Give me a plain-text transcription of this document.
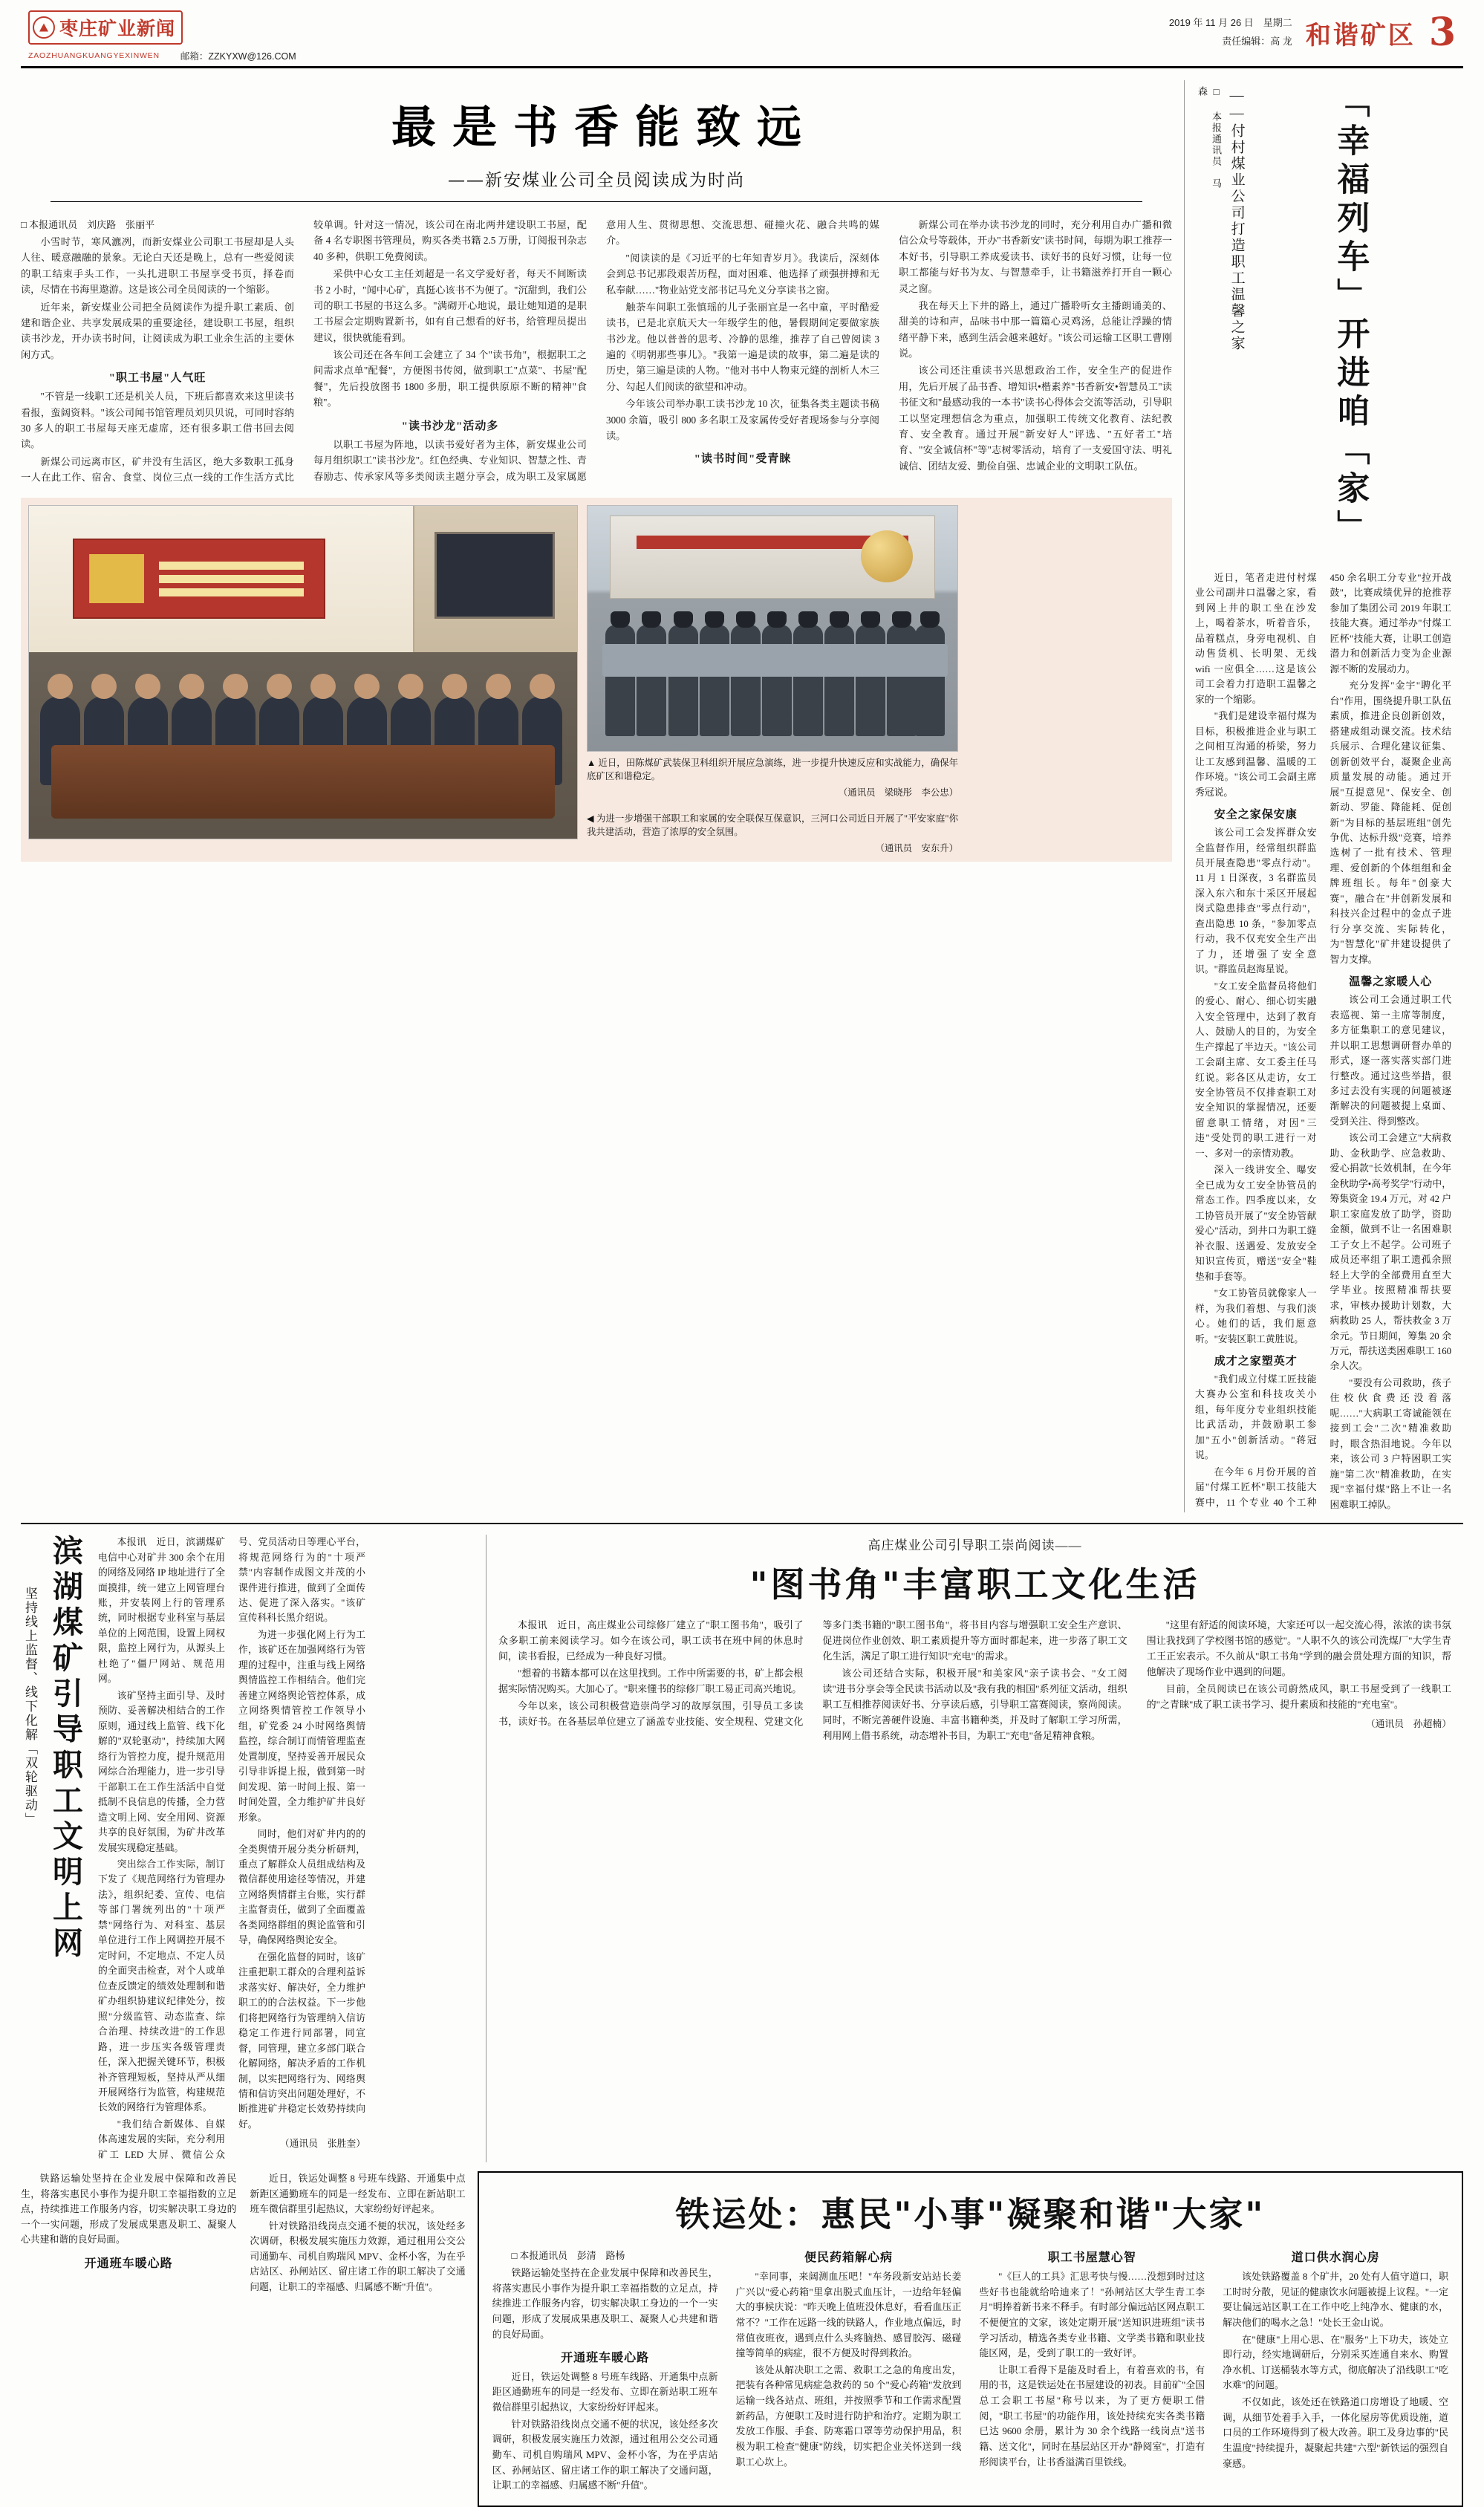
枣庄矿业新闻
ZAOZHUANGKUANGYEXINWEN 邮箱：ZZKYXW@126.COM
2019 年 11 月 26 日　星期二
责任编辑：高 龙 和谐矿区 3
最是书香能致远
——新安煤业公司全员阅读成为时尚

□ 本报通讯员　刘庆路　张丽平

小雪时节，寒风瀌冽，而新安煤业公司职工书屋却是人头人往、暖意融融的景象。无论白天还是晚上，总有一些爱阅读的职工结束手头工作，一头扎进职工书屋享受书页，择卷而读，尽情在书海里遨游。这是该公司全员阅读的一个缩影。

近年来，新安煤业公司把全员阅读作为提升职工素质、创建和谐企业、共享发展成果的重要途径，建设职工书屋，组织读书沙龙，开办读书时间，让阅读成为职工业余生活的主要休闲方式。

"职工书屋"人气旺

"不管是一线职工还是机关人员，下班后都喜欢来这里读书看报，蛮阔资料。"该公司闻书馆管理员刘贝贝说，可同时容纳 30 多人的职工书屋每天座无虚席，还有很多职工借书回去阅读。

新煤公司远离市区，矿井没有生活区，绝大多数职工孤身一人在此工作、宿舍、食堂、岗位三点一线的工作生活方式比较单调。针对这一情况，该公司在南北两井建设职工书屋，配备 4 名专职图书管理员，购买各类书籍 2.5 万册，订阅报刊杂志 40 多种，供职工免费阅读。

采供中心女工主任刘超是一名文学爱好者，每天不间断读书 2 小时，"闻中心矿，真挺心该书不为便了。"沉甜到，我们公司的职工书屋的书这么多。"满砌开心地说，最让她知道的是职工书屋会定期购置新书，如有自己想看的好书，给管理员提出建议，很快就能看到。

该公司还在各车间工会建立了 34 个"读书角"，根据职工之间需求点单"配餐"，方便图书传阅，做到职工"点菜"、书屋"配餐"，先后投放图书 1800 多册，职工提供原原不断的精神"食粮"。

"读书沙龙"活动多

以职工书屋为阵地，以读书爱好者为主体，新安煤业公司每月组织职工"读书沙龙"。红色经典、专业知识、智慧之性、青春励志、传承家风等多类阅读主题分享会，成为职工及家属愿意用人生、贯彻思想、交流思想、碰撞火花、融合共鸣的媒介。

"阅读读的是《习近平的七年知青岁月》。我读后，深刻体会到总书记那段艰苦历程，面对困难、他选择了顽强拼搏和无私奉献……"物业站党支部书记马允义分享读书之窗。

触荼车间职工张慎瑶的儿子张丽宜是一名中童，平时酷爱读书，已是北京航天大一年级学生的他，暑假期间定要做家族书沙龙。他以普普的思考、冷静的思维，推荐了自己曾阅读 3 遍的《明朝那些事儿》。"我第一遍是读的故事，第二遍是读的历史，第三遍是读的人物。"他对书中人物束元缝的剖析人木三分、勾起人们阅读的欲望和冲动。

今年该公司举办职工读书沙龙 10 次，征集各类主题读书稿 3000 余篇，吸引 800 多名职工及家属传受好者现场参与分享阅读。

"读书时间"受青睐

新煤公司在举办读书沙龙的同时，充分利用自办广播和微信公众号等载体，开办"书香新安"读书时间，每期为职工推荐一本好书，引导职工养成爱读书、读好书的良好习惯，让每一位职工都能与好书为友、与智慧牵手，让书籍滋养打开自一颗心灵之窗。

我在每天上下井的路上，通过广播聆听女主播朗诵美的、甜美的诗和声，品味书中那一篇篇心灵鸡汤，总能让浮躁的情绪平静下来，感到生活会越来越好。"该公司运输工区职工曹刚说。

该公司还注重读书兴思想政治工作，安全生产的促进作用，先后开展了品书香、增知识•楷素养"书香新安•智慧员工"读书征文和"最感动我的一本书"读书心得体会交流等活动，引导职工以坚定理想信念为重点，加强职工传统文化教育、法纪教育、安全教育。通过开展"新安好人"评选、"五好者工"培育、"安全诚信杯"等"志树零活动，培育了一支爱国守法、明礼诚信、团结友爱、勤俭自强、忠诚企业的文明职工队伍。

▲ 近日，田陈煤矿武装保卫科组织开展应急演练，进一步提升快速反应和实战能力，确保年底矿区和谐稳定。
（通讯员　梁晓彤　李公忠）
◀ 为进一步增强干部职工和家属的安全联保互保意识，三河口公司近日开展了"平安家庭"你我共建活动，营造了浓厚的安全氛围。
（通讯员　安东升）
「幸福列车」开进咱「家」
——付村煤业公司打造职工温馨之家
□ 本报通讯员　马森

近日，笔者走进付村煤业公司副井口温馨之家，看到网上井的职工坐在沙发上，喝着茶水，听着音乐，品着糕点，身旁电视机、自动售货机、长明架、无线 wifi 一应俱全……这是该公司工会着力打造职工温馨之家的一个缩影。

"我们是建设幸福付煤为目标，积极推进企业与职工之间相互沟通的桥梁，努力让工友感到温馨、温暖的工作环境。"该公司工会副主席秀冠说。

安全之家保安康

该公司工会发挥群众安全监督作用，经常组织群监员开展查隐患"零点行动"。11 月 1 日深夜，3 名群监员深入东六和东十采区开展起岗式隐患排查"零点行动"，查出隐患 10 条，"参加零点行动，我不仅充安全生产出了力，还增强了安全意识。"群监员赵海星说。

"女工安全监督员将他们的爱心、耐心、细心切实融入安全管理中，达到了教育人、鼓励人的目的，为安全生产撑起了半边天。"该公司工会副主席、女工委主任马红说。彩各区从走访，女工安全协管员不仅排查职工对安全知识的掌握情况，还要留意职工情绪，对因"三违"受处罚的职工进行一对一、多对一的亲情劝教。

深入一线讲安全、曝安全已成为女工安全协管员的常态工作。四季度以来，女工协管员开展了"安全协管献爱心"活动，到井口为职工缝补衣服、送遇爱、发放安全知识宣传页，赠送"安全"鞋垫和手套等。

"女工协管员就像家人一样，为我们着想、与我们淡心。她们的话，我们愿意听。"安装区职工黄胜说。

成才之家塑英才

"我们成立付煤工匠技能大赛办公室和科技攻关小组，每年度分专业组织技能比武活动，并鼓励职工参加"五小"创新活动。"蒋冠说。

在今年 6 月份开展的首届"付煤工匠杯"职工技能大赛中，11 个专业 40 个工种 450 余名职工分专业"拉开战鼓"，比赛成绩优异的抢推荐参加了集团公司 2019 年职工技能大赛。通过举办"付煤工匠杯"技能大赛，让职工创造潜力和创新活力变为企业源源不断的发展动力。

充分发挥"金宇"聘化平台"作用，围绕提升职工队伍素质，推进企良创新创效，搭建成组动课交流。技术结兵展示、合理化建议征集、创新创效平台，凝聚企业高质量发展的动能。通过开展"互提意见"、保安全、创新动、罗能、降能耗、促创新"为目标的基层班组"创先争优、达标升级"竞赛，培养选树了一批有技术、管理理、爱创新的个体组组和金牌班组长。每年"创豪大赛"，融合在"井创新发展和科技兴企过程中的金点子进行分享交流、实际转化，为"智慧化"矿井建设提供了智力支撑。

温馨之家暖人心

该公司工会通过职工代表巡视、第一主席等制度，多方征集职工的意见建议，并以职工思想调研督办单的形式，逐一落实落实部门进行整改。通过这些举措，很多过去没有实现的问题被逐渐解决的问题被提上桌面、受到关注、得到整改。

该公司工会建立"大病救助、金秋助学、应急救助、爱心捐款"长效机制，在今年金秋助学•高考奖学"行动中，筹集资金 19.4 万元，对 42 户职工家庭发放了助学，资助金额，做到不让一名困难职工子女上不起学。公司班子成员还率组了职工遗孤余照轻上大学的全部费用直至大学毕业。按照精准帮扶要求，审核办援助计划数，大病救助 25 人，帮扶救金 3 万余元。节日期间，筹集 20 余万元，帮扶送类困难职工 160 余人次。

"要没有公司救助，孩子住校伙食费还没着落呢……"大病职工寄诚能领在接到工会"二次"精准救助时，眼含热泪地说。今年以来，该公司 3 户特困职工实施"第二次"精准救助，在实现"幸福付煤"路上不让一名困难职工掉队。

滨湖煤矿引导职工文明上网
坚持线上监督、线下化解「双轮驱动」

本报讯　近日，滨湖煤矿电信中心对矿井 300 余个在用的网络及网络 IP 地址进行了全面摸排，统一建立上网管理台账，并安装网上行的管理系统，同时根据专业科室与基层单位的上网范围，设置上网权限，监控上网行为，从源头上杜绝了"僵尸网站、规范用网。

该矿坚持主面引导、及时预防、妥善解决相结合的工作原则，通过线上监管、线下化解的"双轮驱动"，持续加大网络行为管控力度，提升规范用网综合治理能力，进一步引导干部职工在工作生活活中自觉抵制不良信息的传播，全力营造文明上网、安全用网、资源共享的良好氛围，为矿井改革发展实现稳定基础。

突出综合工作实际，制订下发了《规范网络行为管理办法》，组织纪委、宣传、电信等部门署统列出的"十项严禁"网络行为、对科室、基层单位进行工作上网调控开展不定时问，不定地点、不定人员的全面突击检查，对个人或单位查反馈定的绩效处理制和谐矿办组织协建议纪律处分，按照"分级监管、动态监查、综合治理、持续改进"的工作思路，进一步压实各级管理责任，深入把握关键环节，积极补齐管理短板，坚持从严从细开展网络行为监管，构建规范长效的网络行为管理体系。

"我们结合新媒体、自媒体高速发展的实际，充分利用矿工 LED 大屏、微信公众号、党员活动日等理心平台，将规范网络行为的"十项严禁"内容制作成图文并茂的小课件进行推进，做到了全面传达、促进了深入落实。"该矿宣传科科长黑介绍说。

为进一步强化网上行为工作，该矿还在加强网络行为管理的过程中，注重与线上网络舆情监控工作相结合。他们完善建立网络舆论管控体系，成立网络舆情管控工作领导小组，矿党委 24 小时网络舆情监控，综合制订而情管理监查处置制度，坚持妥善开展民众引导非诉提上报，做到第一时间发现、第一时间上报、第一时间处置，全力维护矿井良好形象。

同时，他们对矿井内的的全类舆情开展分类分析研判，重点了解群众人员组成结构及微信群使用途径等情况，并建立网络舆情群主台账，实行群主监督责任，做到了全面覆盖各类网络群组的舆论监管和引导，确保网络舆论安全。

在强化监督的同时，该矿注重把职工群众的合理利益诉求落实好、解决好，全力维护职工的的合法权益。下一步他们将把网络行为管理纳入信访稳定工作进行同部署，同宣督，同管理，建立多部门联合化解网络，解决矛盾的工作机制，以实把网络行为、网络舆情和信访突出问题处理好，不断推进矿井稳定长效势持续向好。

（通讯员　张胜奎）

高庄煤业公司引导职工崇尚阅读——
"图书角"丰富职工文化生活

本报讯　近日，高庄煤业公司综修厂建立了"职工图书角"，吸引了众多职工前来阅读学习。如今在该公司，职工读书在班中间的休息时间，读书看报，已经成为一种良好习惯。

"想着的书籍本都可以在这里找到。工作中所需要的书，矿上都会根据实际情况购买。大加心了。"职来懂书的综修厂职工易正司高兴地说。

今年以来，该公司积极营造崇尚学习的故厚氛围，引导员工多读书，读好书。在各基层单位建立了涵盖专业技能、安全规程、党建文化等多门类书籍的"职工图书角"，将书目内容与增强职工安全生产意识、促进岗位作业创效、职工素质提升等方面时都起来，进一步落了职工文化生活，满足了职工进行知识"充电"的需求。

该公司还结合实际，积极开展"和美家风"亲子读书会、"女工阅读"进书分享会等全民读书活动以及"我有我的相国"系列征文活动，组织职工互相推荐阅读好书、分享读后感，引导职工富赛阅读，察尚阅读。同时，不断完善硬件设施、丰富书籍种类，并及时了解职工学习所需，利用网上借书系统，动态增补书目，为职工"充电"备足精神食粮。

"这里有舒适的阅读环境，大家还可以一起交流心得，浓浓的读书氛围让我找到了学校图书馆的感觉"。"人职不久的该公司洗煤厂"大学生青工王正宏表示。不久前从"职工书角"学到的融会贯处理方面的知识，帮他解决了现场作业中遇到的问题。

目前，全员阅读已在该公司蔚然成风，职工书屋受到了一线职工的"之青睐"成了职工读书学习、提升素质和技能的"充电室"。

（通讯员　孙超楠）

铁路运输处坚持在企业发展中保障和改善民生，将落实惠民小事作为提升职工幸福指数的立足点，持续推进工作服务内容，切实解决职工身边的一个一实问题，形成了发展成果惠及职工、凝聚人心共建和谐的良好局面。

开通班车暖心路

近日，铁运处调整 8 号班车线路、开通集中点新距区通勤班车的同是一经发布、立即在新站职工班车微信群里引起热议，大家纷纷好评起来。

针对铁路沿线岗点交通不便的状况，该处经多次调研，积极发展实施压力效源，通过租用公交公司通勤车、司机自购瑞风 MPV、金杯小客，为在乎店站区、孙闸站区、留庄诸工作的职工解决了交通问题，让职工的幸福感、归属感不断"升值"。

铁运处：惠民"小事"凝聚和谐"大家"

□ 本报通讯员　彭清　路杨

铁路运输处坚持在企业发展中保障和改善民生，将落实惠民小事作为提升职工幸福指数的立足点，持续推进工作服务内容，切实解决职工身边的一个一实问题，形成了发展成果惠及职工、凝聚人心共建和谐的良好局面。

开通班车暖心路

近日，铁运处调整 8 号班车线路、开通集中点新距区通勤班车的同是一经发布、立即在新站职工班车微信群里引起热议，大家纷纷好评起来。

针对铁路沿线岗点交通不便的状况，该处经多次调研，积极发展实施压力效源，通过租用公交公司通勤车、司机自购瑞风 MPV、金杯小客，为在乎店站区、孙闸站区、留庄诸工作的职工解决了交通问题，让职工的幸福感、归属感不断"升值"。

便民药箱解心病

"幸同事，来阔测血压吧！"车务段新安站站长姜广兴以"爱心药箱"里拿出脱式血压计，一边给年轻偏大的事候庆说："昨天晚上值班没休息好，看看血压正常不？"工作在远路一线的铁路人，作业地点偏远，时常值夜班夜，遇到点什么头疼脑热、感冒胶泻、磁碰撞等简单的病症，很不方便及时得到救治。

该处从解决职工之需、救职工之急的角度出发，把装有各种常见病症急救药的 50 个"爱心药箱"发放到运输一线各站点、班组，并按照季节和工作需求配置新药品，方便职工及时进行防护和治疗。定期为职工发放工作服、手套、防寒霜口罩等劳动保护用品，积极为职工检查"健康"防线，切实把企业关怀送到一线职工心坎上。

职工书屋慧心智

"《巨人的工具》汇思考快与慢……没想到时过这些好书也能就给哈迪来了！"孙闸站区大学生青工李月"明捧着新书来不释手。有时部分偏远站区网点职工不便便宜的文家，该处定期开展"送知识进班组"读书学习活动，精选各类专业书籍、文学类书籍和职业技能区网，是，受到了职工的一致好评。

让职工看得下是能及时看上，有着喜欢的书，有用的书，这是铁运处在书屋建设的初表。目前矿"全国总工会职工书屋"称号以来，为了更方便职工借阅，"职工书屋"的功能作用，该处持续充实各类书籍已达 9600 余册，累计为 30 余个线路一线岗点"送书籍、送文化"，同时在基层站区开办"静阅室"，打造有形阅读平台，让书香溢满百里铁线。

道口供水润心房

该处铁路覆盖 8 个矿井，20 处有人值守道口，职工时时分散，见证的健康饮水问题被提上议程。"一定要让偏远站区职工在工作中吃上纯净水、健康的水，解决他们的喝水之急！"处长王金山说。

在"健康"上用心思、在"服务"上下功夫，该处立即行动，经实地调研后，分别采买连通自来水、购置净水机、订送桶装水等方式，彻底解决了沿线职工"吃水难"的问题。

不仅如此，该处还在铁路道口房增设了地暖、空调，从细节处着手入手，一体化屋房等优质设施，道口员的工作环境得到了极大改善。职工及身边事的"民生温度"持续提升，凝聚起共建"六型"新铁运的强烈自豪感。
